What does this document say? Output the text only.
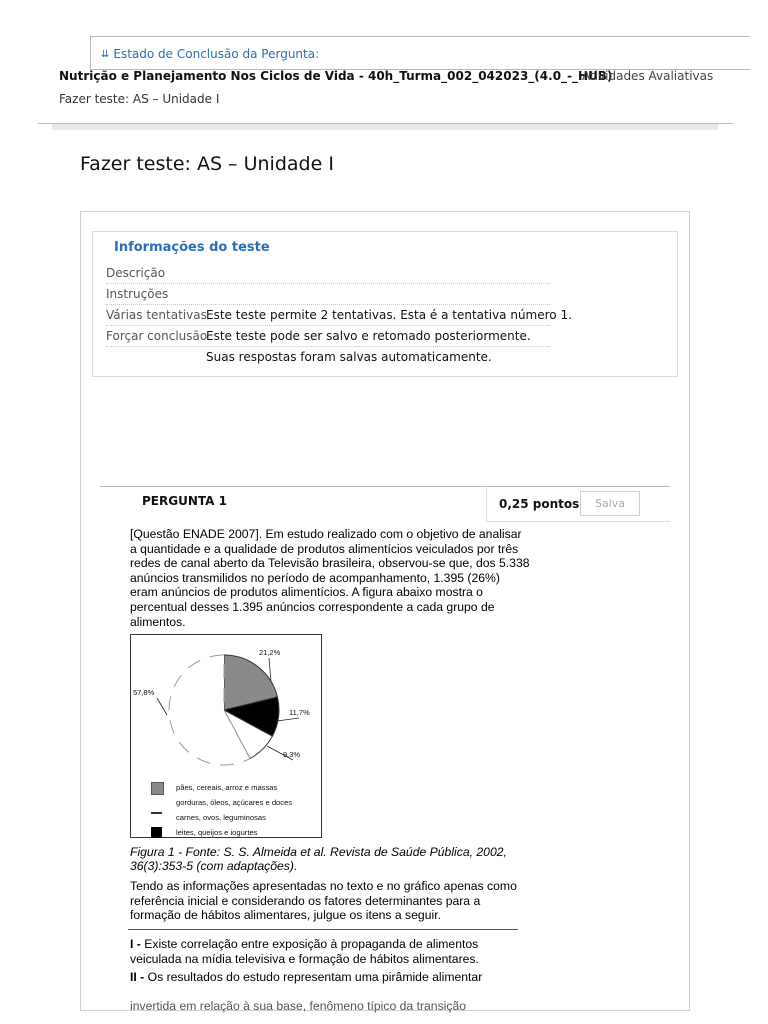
⇊ Estado de Conclusão da Pergunta:
Nutrição e Planejamento Nos Ciclos de Vida - 40h_Turma_002_042023_(4.0_-_HUB)
Atividades Avaliativas
Fazer teste: AS – Unidade I
Fazer teste: AS – Unidade I
Informações do teste
Descrição
Instruções
Várias tentativas Este teste permite 2 tentativas. Esta é a tentativa número 1.
Forçar conclusão
Este teste pode ser salvo e retomado posteriormente.
Suas respostas foram salvas automaticamente.
PERGUNTA 1	0,25 pontos	Salva
[Questão ENADE 2007]. Em estudo realizado com o objetivo de analisar a quantidade e a qualidade de produtos alimentícios veiculados por três redes de canal aberto da Televisão brasileira, observou-se que, dos 5.338 anúncios transmilidos no período de acompanhamento, 1.395 (26%) eram anúncios de produtos alimentícios. A figura abaixo mostra o percentual desses 1.395 anúncios correspondente a cada grupo de alimentos.
21,2%
11,7%
9,3%
57,8%
pães, cereais, arroz e massas
gorduras, óleos, açúcares e doces
carnes, ovos, leguminosas
leites, queijos e iogurtes
Figura 1 - Fonte: S. S. Almeida et al. Revista de Saúde Pública, 2002, 36(3):353-5 (com adaptações).
Tendo as informações apresentadas no texto e no gráfico apenas como referência inicial e considerando os fatores determinantes para a formação de hábitos alimentares, julgue os itens a seguir.
I - Existe correlação entre exposição à propaganda de alimentos veiculada na mídia televisiva e formação de hábitos alimentares.
II - Os resultados do estudo representam uma pirâmide alimentar
invertida em relação à sua base, fenômeno típico da transição
